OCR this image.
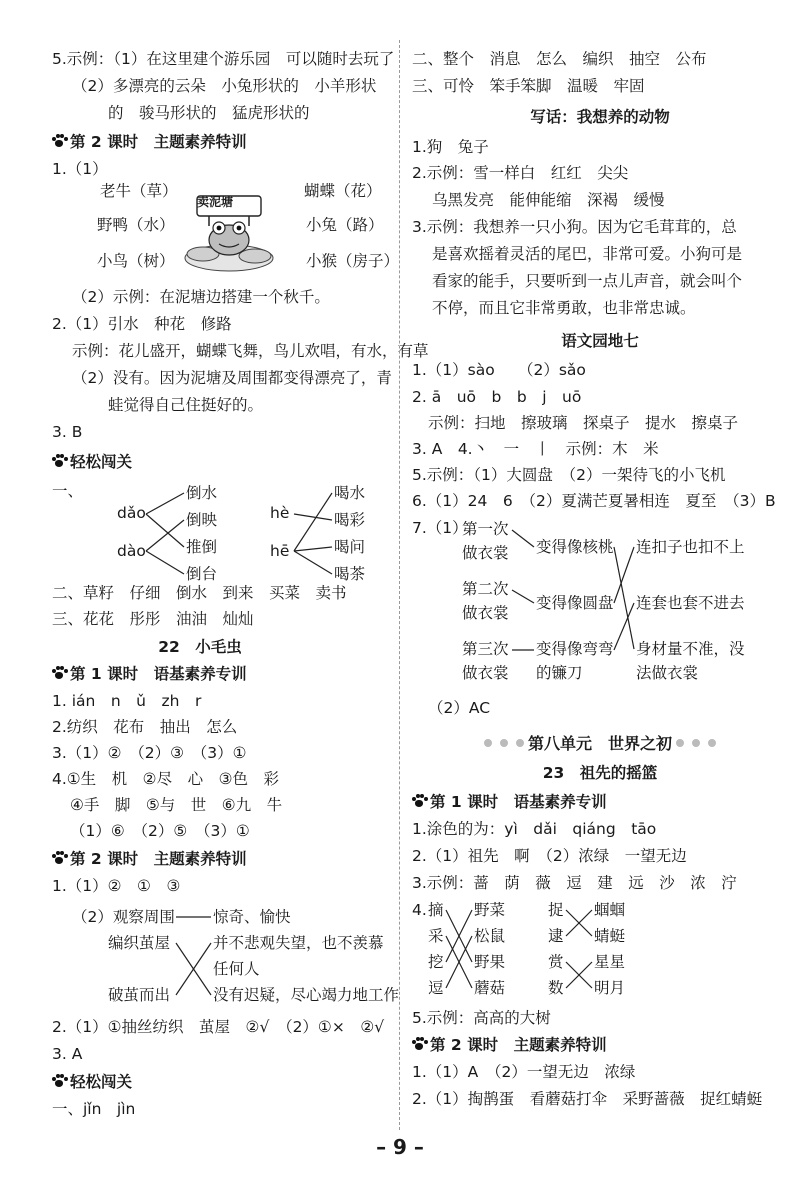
5.示例：（1）在这里建个游乐园　可以随时去玩了
（2）多漂亮的云朵　小兔形状的　小羊形状
的　骏马形状的　猛虎形状的
第 2 课时　主题素养特训
1.（1）
老牛（草）
野鸭（水）
小鸟（树）
蝴蝶（花）
小兔（路）
小猴（房子）
卖泥塘
（2）示例：在泥塘边搭建一个秋千。
2.（1）引水　种花　修路
示例：花儿盛开，蝴蝶飞舞，鸟儿欢唱，有水，有草
（2）没有。因为泥塘及周围都变得漂亮了，青
蛙觉得自己住挺好的。
3. B
轻松闯关
一、
dǎo
dào
倒水
倒映
推倒
倒台
hè
hē
喝水
喝彩
喝问
喝茶
二、草籽　仔细　倒水　到来　买菜　卖书
三、花花　彤彤　油油　灿灿
22　小毛虫
第 1 课时　语基素养专训
1. ián　n　ǔ　zh　r
2.纺织　花布　抽出　怎么
3.（1）②　（2）③　（3）①
4.①生　机　②尽　心　③色　彩
④手　脚　⑤与　世　⑥九　牛
（1）⑥　（2）⑤　（3）①
第 2 课时　主题素养特训
1.（1）②　①　③
（2）观察周围
编织茧屋
破茧而出
惊奇、愉快
并不悲观失望，也不羡慕
任何人
没有迟疑，尽心竭力地工作
2.（1）①抽丝纺织　茧屋　②√　（2）①×　②√
3. A
轻松闯关
一、jǐn　jìn
二、整个　消息　怎么　编织　抽空　公布
三、可怜　笨手笨脚　温暖　牢固
写话：我想养的动物
1.狗　兔子
2.示例：雪一样白　红红　尖尖
乌黑发亮　能伸能缩　深褐　缓慢
3.示例：我想养一只小狗。因为它毛茸茸的，总
是喜欢摇着灵活的尾巴，非常可爱。小狗可是
看家的能手，只要听到一点儿声音，就会叫个
不停，而且它非常勇敢，也非常忠诚。
语文园地七
1.（1）sào　　（2）sǎo
2. ā　uō　b　b　j　uō
示例：扫地　擦玻璃　探桌子　提水　擦桌子
3. A　4.丶　一　丨　示例：木　米
5.示例：（1）大圆盘　（2）一架待飞的小飞机
6.（1）24　6　（2）夏满芒夏暑相连　夏至　（3）B
7.（1）
第一次
做衣裳
第二次
做衣裳
第三次
做衣裳
变得像核桃
变得像圆盘
变得像弯弯
的镰刀
连扣子也扣不上
连套也套不进去
身材量不准，没
法做衣裳
（2）AC
第八单元　世界之初
23　祖先的摇篮
第 1 课时　语基素养专训
1.涂色的为：yì　dǎi　qiáng　tāo
2.（1）祖先　啊　（2）浓绿　一望无边
3.示例：蔷　荫　薇　逗　建　远　沙　浓　泞
4. 摘
采
挖
逗
野菜
松鼠
野果
蘑菇
捉
逮
赏
数
蝈蝈
蜻蜓
星星
明月
5.示例：高高的大树
第 2 课时　主题素养特训
1.（1）A　（2）一望无边　浓绿
2.（1）掏鹊蛋　看蘑菇打伞　采野蔷薇　捉红蜻蜓
– 9 –
